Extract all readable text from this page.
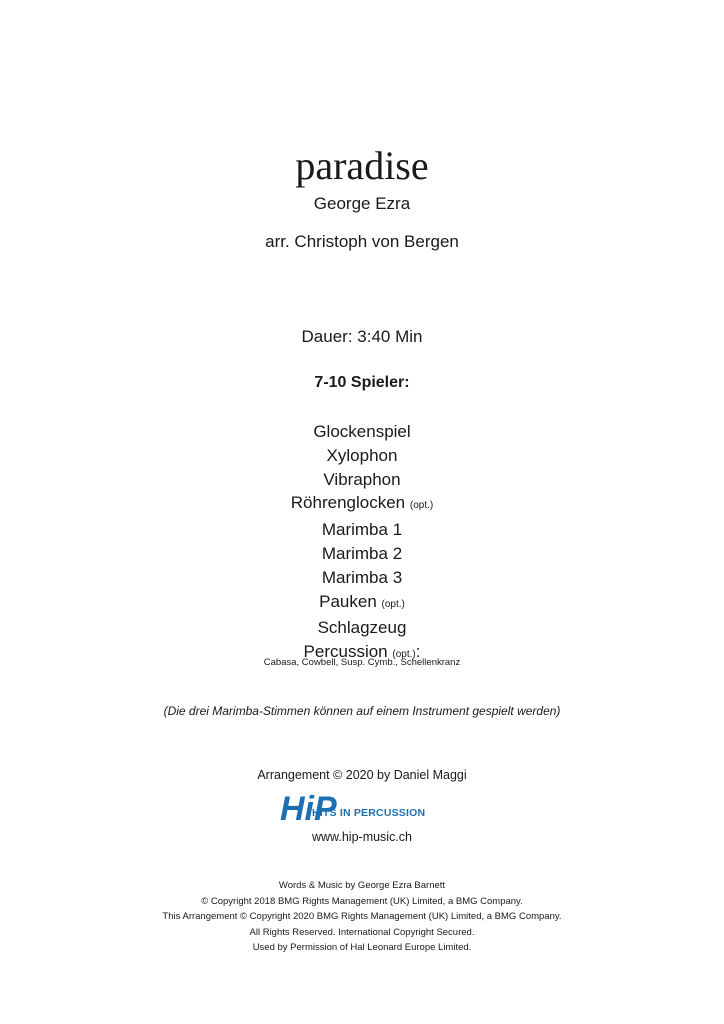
paradise
George Ezra
arr. Christoph von Bergen
Dauer: 3:40 Min
7-10 Spieler:
Glockenspiel
Xylophon
Vibraphon
Röhrenglocken (opt.)
Marimba 1
Marimba 2
Marimba 3
Pauken (opt.)
Schlagzeug
Percussion (opt.):
Cabasa, Cowbell, Susp. Cymb., Schellenkranz
(Die drei Marimba-Stimmen können auf einem Instrument gespielt werden)
Arrangement © 2020 by Daniel Maggi
HiP
HITS IN PERCUSSION
www.hip-music.ch
Words & Music by George Ezra Barnett
© Copyright 2018 BMG Rights Management (UK) Limited, a BMG Company.
This Arrangement © Copyright 2020 BMG Rights Management (UK) Limited, a BMG Company.
All Rights Reserved. International Copyright Secured.
Used by Permission of Hal Leonard Europe Limited.
